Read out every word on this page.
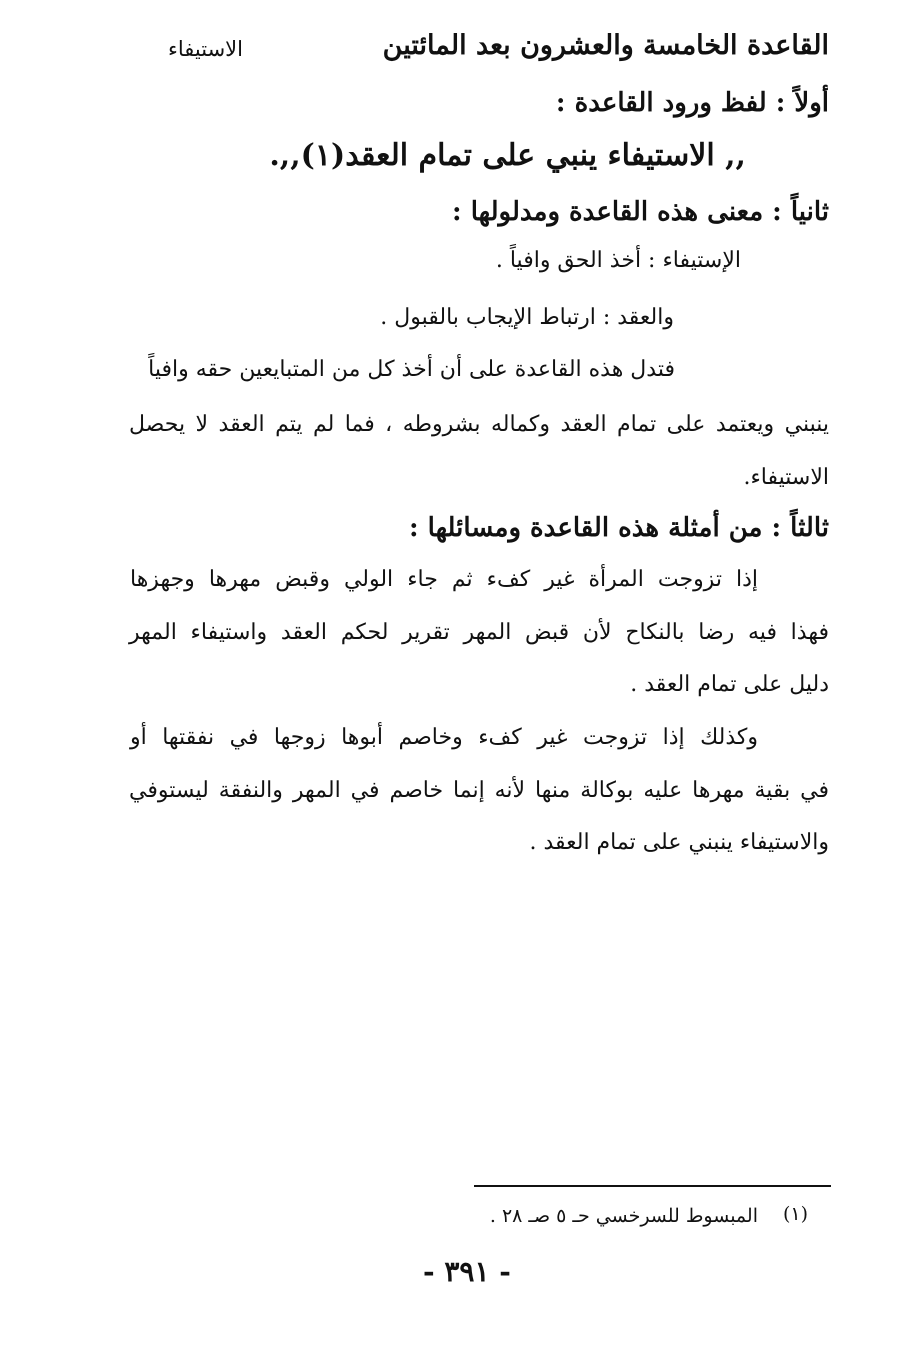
القاعدة الخامسة والعشرون بعد المائتين
الاستيفاء
أولاً : لفظ ورود القاعدة :
,, الاستيفاء ينبي على تمام العقد(١),,.
ثانياً : معنى هذه القاعدة ومدلولها :
الإستيفاء : أخذ الحق وافياً .
والعقد : ارتباط الإيجاب بالقبول .
فتدل هذه القاعدة على أن أخذ كل من المتبايعين حقه وافياً
ينبني ويعتمد على تمام العقد وكماله بشروطه ، فما لم يتم العقد لا يحصل
الاستيفاء.
ثالثاً : من أمثلة هذه القاعدة ومسائلها :
إذا تزوجت المرأة غير كفء ثم جاء الولي وقبض مهرها وجهزها
فهذا فيه رضا بالنكاح لأن قبض المهر تقرير لحكم العقد واستيفاء المهر
دليل على تمام العقد .
وكذلك إذا تزوجت غير كفء وخاصم أبوها زوجها في نفقتها أو
في بقية مهرها عليه بوكالة منها لأنه إنما خاصم في المهر والنفقة ليستوفي
والاستيفاء ينبني على تمام العقد .
(١)
المبسوط للسرخسي حـ ٥ صـ ٢٨ .
- ٣٩١ -
